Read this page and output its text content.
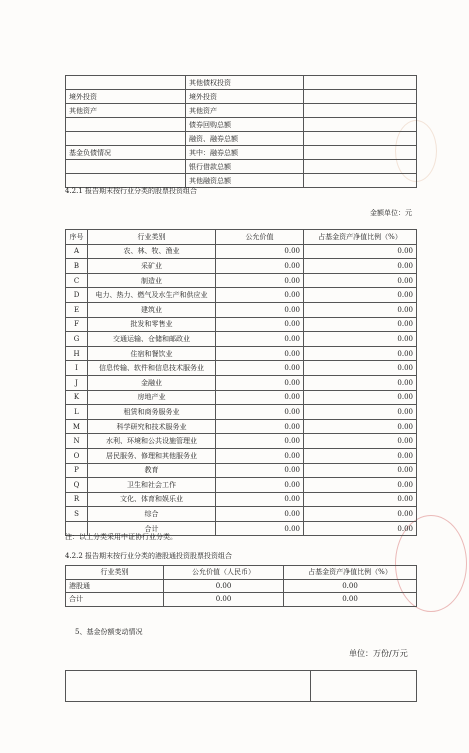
	其他债权投资	
境外投资	境外投资	
其他资产	其他资产	
	债券回购总额	
	融资、融券总额	
基金负债情况	其中：融券总额	
	银行借款总额	
	其他融资总额	
4.2.1 报告期末按行业分类的股票投资组合
金额单位：元
序号	行业类别	公允价值	占基金资产净值比例（%）
A	农、林、牧、渔业	0.00	0.00
B	采矿业	0.00	0.00
C	制造业	0.00	0.00
D	电力、热力、燃气及水生产和供应业	0.00	0.00
E	建筑业	0.00	0.00
F	批发和零售业	0.00	0.00
G	交通运输、仓储和邮政业	0.00	0.00
H	住宿和餐饮业	0.00	0.00
I	信息传输、软件和信息技术服务业	0.00	0.00
J	金融业	0.00	0.00
K	房地产业	0.00	0.00
L	租赁和商务服务业	0.00	0.00
M	科学研究和技术服务业	0.00	0.00
N	水利、环境和公共设施管理业	0.00	0.00
O	居民服务、修理和其他服务业	0.00	0.00
P	教育	0.00	0.00
Q	卫生和社会工作	0.00	0.00
R	文化、体育和娱乐业	0.00	0.00
S	综合	0.00	0.00
	合计	0.00	0.00
注：以上分类采用中证协行业分类。
4.2.2 报告期末按行业分类的港股通投资股票投资组合
行业类别	公允价值（人民币）	占基金资产净值比例（%）
港股通	0.00	0.00
合计	0.00	0.00
5、基金份额变动情况
单位：万份/万元
